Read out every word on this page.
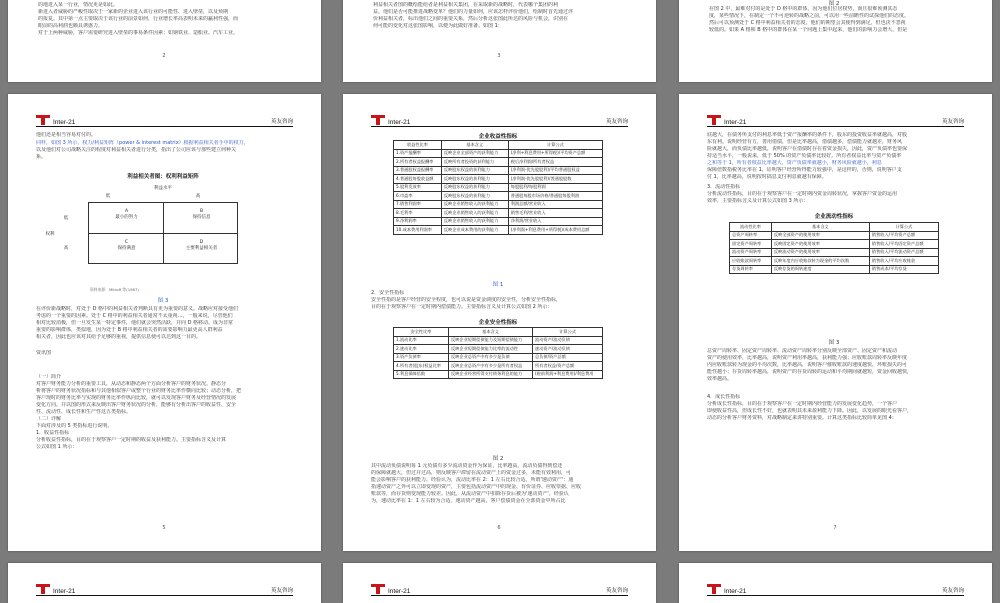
的地进入某一行业，情况更是如此。
新进入者威胁的严峻性取决于一家新的企业进入该行业的可能性、进入壁垒，以及预期
的报复。其中第一点主要取决于该行业的前景如何，行业增长率高表明未来的赢利性强，而
眼前的高利润也颇具诱惑力。
对于上两种威胁，客户需要研究进入壁垒的事易条件因素：如钢铁业、造船业、汽车工业。
2
利益相关者图的概绘能给者是利益相关集团，在采取新的战略时，代表哪个集团的利
益。他们是否可能推进战略变革？他们的力量如何，应该怎样评价他们，绘制时首先通过评
价利益相关者，标出他们之间的重要关系，然后分析这张图此所达的风险与机会，识别在
何可能的变化对这张图影响，以便为此做好准备。如图 1：
3
图 2
在图 2 中，最难对付的是处于 D 格中的群体，因为他们位居权势，而且很难预测其态
度，某些情况下，在制定一个不可逆转的战略之前，可以用一些前瞻性的试探他们的态度。
然后可以预测处于 C 格中利益相关者的态度，他们的期望会其使得到满足，但也決不忽视
较低的。如果 A 格和 B 格中的群体在某一个问题上集中起来，他们的影响力会增大，但是
Inter-21	英友咨询
他们还是相当容易对付的。
同样，如图 3 所示，权力/利益矩阵（power & interest matrix）根据利益相关者手中的权力，
以及他们对公司战略关注的程度对利益相关者进行分类，指出了公司应该与那些建立何种关
系。
利益相关者图：权利利益矩阵
利益水平
低	高
低
权利
高
A
最小的努力
B
保持信息
C
保持满意
D
主要利益相关者
资料来源：Mitroff 等(1987)
图 3
在评价新战略时，对处于 D 格中的利益相关者判断具有更为重要的意义。战略应对接受他们
考虑的一个重要的因素。处于 C 格中的利益相关者通常不太重视…，一般来说，尽管他们
相对比较消极，但一旦发生某一特定事件，他们就会突然活跃，并向 D 格移动。成为非常
重要的影响群体，类似地，因为处于 B 格中利益相关者的需要影响力最更高人群利益
相关者，因此也应该对其给予足够的重视，提供信息使可以达到这一目的。
资讯图
（一）简介
对客户财务能力分析的重要工具，从动态和静态两个方面分析客户的财务状况。静态分
析将客户的财务状况指标和与其他相似客户或整个行业的财务比率作横向比较；动态分析，把
客户现时的财务比率与实现的财务比率作纵向比较，就可以发现客户财务及经营情况的发展
变化方向。并以图的形式来反映出客户财务状况的分析，能够有分析出客户的收益性、安全
性、流动性、成长性和生产性这五类指标。
（二）详解
下面对涉及的 5 类指标进行说明。
1．收益性指标
分析收益性指标，目的在于观察客户一定时期的收益及获利能力。主要指标含义及计算
公式如图 1 所示：
5
Inter-21	英友咨询
企业收益性指标
收益性比率	基本含义	计算公式
1.资产报酬率	反映企业全部资产的获利能力	(净利+利息费用+所得税)/平均资产总额
2.所有者权益报酬率	反映所有者投资的获利能力	税后净利润/所有者权益
3.普通股权益报酬率	反映股东权益的获利能力	(净利润-优先股股利)/平均普通股权益
4.普通股每股收益额	反映股东权益的获利能力	(净利润-优先股股利)/普通股股数
5.股利发放率	反映股东权益的获利能力	每股股利/每股利润
6.市盈率	反映股东权益的获利能力	普通股每股市场价格/普通股每股利润
7.销售利润率	反映企业销售收入的获利能力	利润总额/营业收入
8.毛利率	反映企业销售收入的获利能力	销售毛利/营业收入
9.净利润率	反映企业销售收入的获利能力	净利润/营业收入
10.成本费用利润率	反映企业成本费用的获利能力	(净利润+利息费用+所得税)/成本费用总额
图 1
2．安全性指标
安全性指的是客户经营的安全程度，也可以说是资金调度的安全性，分析安全性指标，
目的在于观察客户在一定时期内偿债能力。主要指标含义及计算公式如图 2 所示：
企业安全性指标
安全性比率	基本含义	计算公式
1.流动比率	反映企业短期偿债能力及短期偿债能力	流动资产/流动负债
2.速动比率	反映企业短期偿债能力比率的流动性	速动资产/流动负债
3.资产负债率	反映企业总资产中有多少是负债	总负债/资产总额
4.所有者(股东)权益比率	反映企业总资产中有多少是所有者权益	所有者权益/资产总额
5.利息保障倍数	反映企业经营所得支付债务利息的能力	(税前利润+利息费用)/利息费用
图 2
其中流动负债说明每 1 元负债有多少流动资金作为保证，比率越高，流动负债得到偿还
的保障就越大，但过并过高，则反映客户滞留在流动资产上的资金过多，未能有效利用，可
能会影响客户的获利能力。经验认为，流动比率在 2：1 左右比较合适。所谓'速动资产'：通
指速动资产之外可以立即变现的资产，主要包括流动资产中的现金、有价证券、应收票据、应收
账款等，而存货则变现能力较差。因此，从流动资产中扣除存货后被为'速动资产'。经验认
为，速动比率在 1：1 左右较为合适。速动资产越高，客户偿债资金在全部资金中所占比
6
Inter-21	英友咨询
底越大，在债务所支付的利息率低于资产报酬率的条件下，股东的投资收益率就越高，对股
东有利。说明经营有方，善用借债，但是比率越高，借债越多，偿债能力就越差，财务风
险就越大，而负债比率越低，说明客户在借债时存在着资金损失，因此，资产负债率也要保
持适当水平，一般说来，低于 50% 的资产负债率比较好。所有者权益比率与资产负债率
之和等于 1，所有者权益比率越大，资产负债率就越小，财务风险就越小，利息
保障倍数指税务比率在 1，证明客户经营所得能力较强中，是这样的，否则，说明客户支
付 1，比率越高，说明按时搞息支付利息就越有保障。
3．流动性指标
分析流动性指标，目的在于观察客户在一定时期内资金周转状况，掌握客户资金的运用
效率，主要指标含义及计算公式如图 3 所示：
企业流动性指标
流动性比率	基本含义	计算公式
总资产周转率	反映全部资产的使用效率	销售收入/平均资产总额
固定资产周转率	反映固定资产的使用效率	销售收入/平均固定资产总额
流动资产周转率	反映流动资产的使用效率	销售收入/平均流动资产总额
应收账款周转率	反映年度内应收账款转为现金的平均次数	销售收入/平均应收账款
存货周转率	反映存货的周转速度	销售成本/平均存货
图 3
总资产周转率、固定资产周转率、流动资产周转率分别反映全部资产、固定资产和流动
资产的使用效率，比率越高，说明资产利用率越高，获利能力强；应收账款周转率反映年度
内应收账款转为现金的平均次数，比率越高，说明客户催收账款的速度越快，坏账损失的可
能性越小；存货周转率越高，说明资产的存货周转的运动和平均期间就越短，资金回收越快，
效率越高。
4．成长性指标
分析成长性指标，目的在于观察客户在一定时期内经营能力的发展变化趋势，一个客户
即使收益性高，但成长性不好，也就表明其未来盈利能力下降。因此，以发展的眼光看客户，
动态的分析客户财务资料，对战略制定来讲特别重要。计算这类指标比较简单见图 4：
7
Inter-21	英友咨询	Inter-21	英友咨询	Inter-21	英友咨询
